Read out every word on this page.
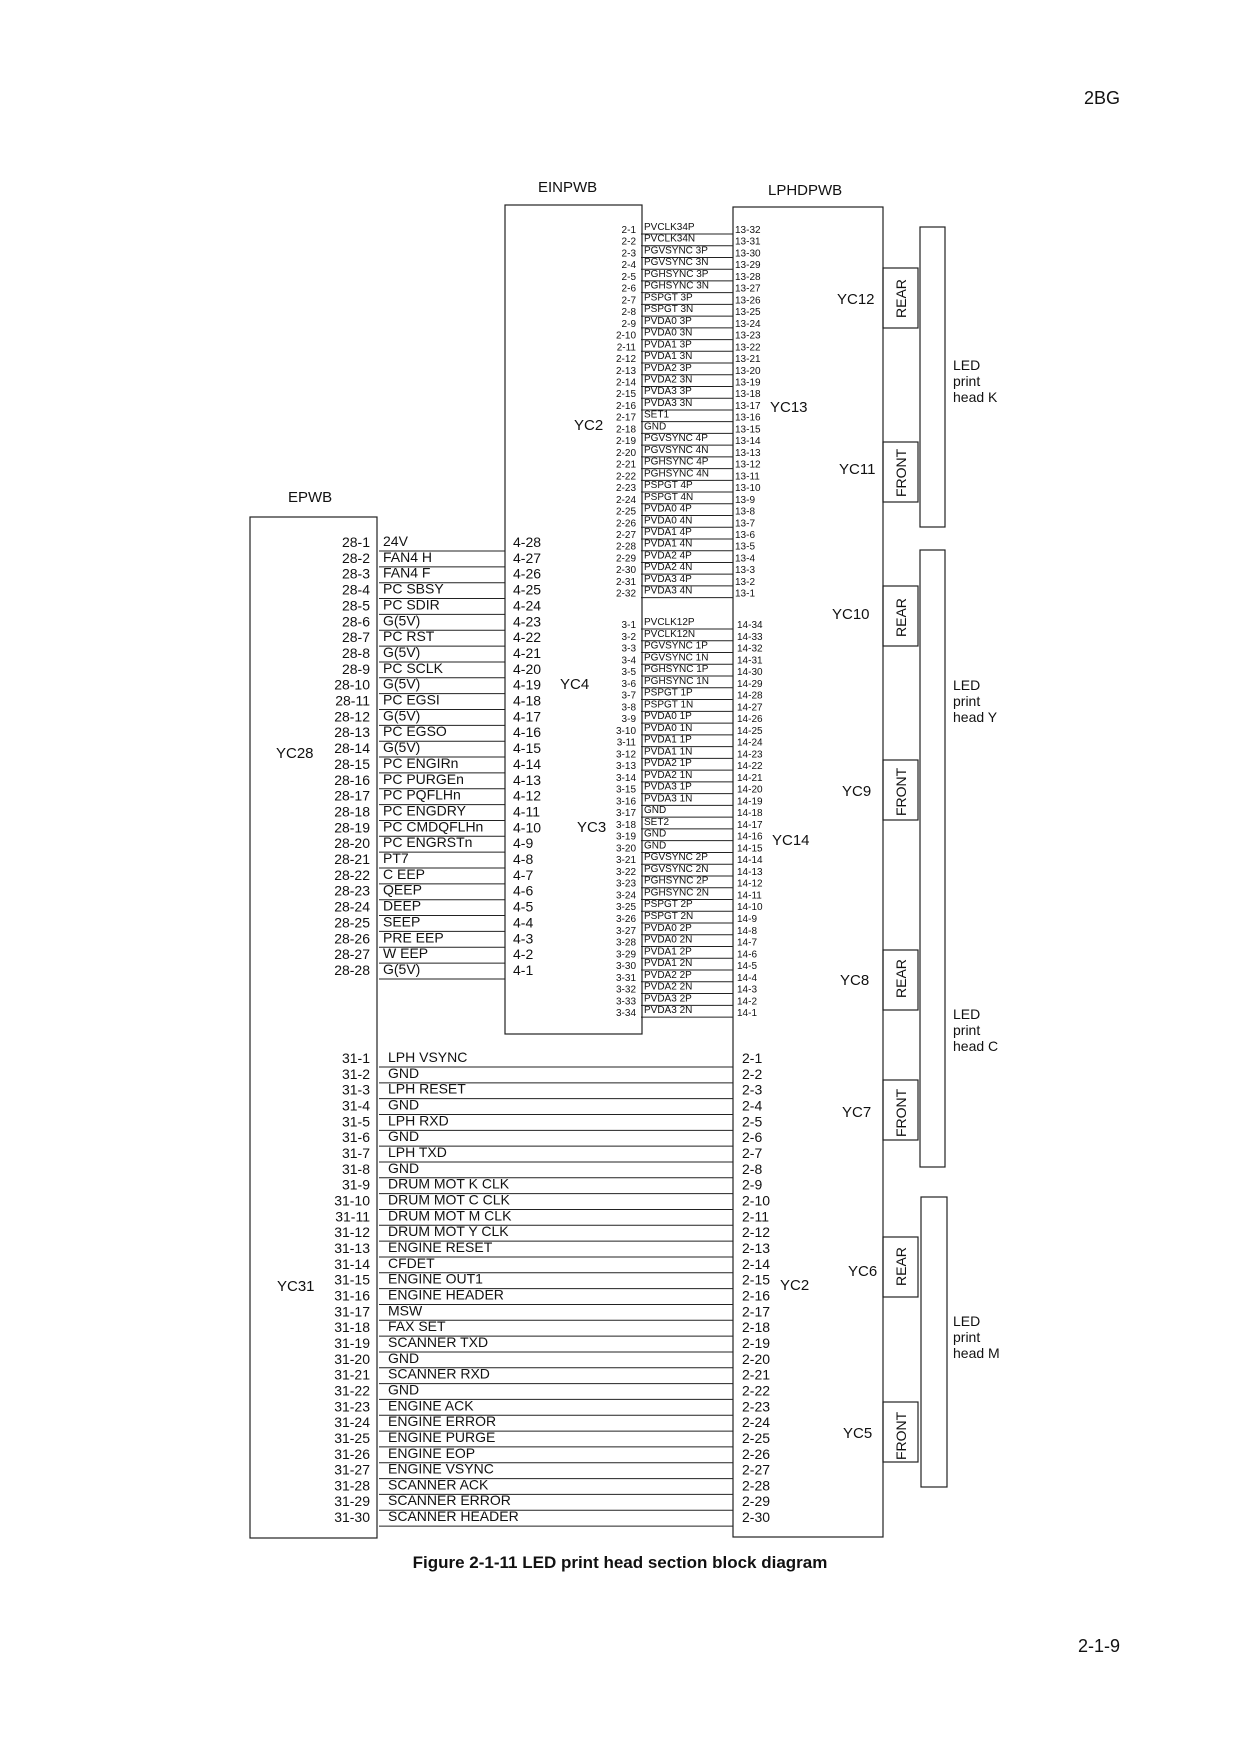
2BG
EPWB
EINPWB	LPHDPWB
YC28
YC31
YC4
YC2
YC3
YC13
YC14
YC2
YC12
YC11
YC10
YC9
YC8
YC7
YC6
YC5
REAR
FRONT
REAR
FRONT
REAR
FRONT
REAR
FRONT
LED
print
head K
LED
print
head Y
LED
print
head C
LED
print
head M
28-1 24V	4-28
28-2 FAN4 H	4-27
28-3 FAN4 F	4-26
28-4 PC SBSY	4-25
28-5 PC SDIR	4-24
28-6 G(5V)	4-23
28-7 PC RST	4-22
28-8 G(5V)	4-21
28-9 PC SCLK	4-20
28-10 G(5V)	4-19
28-11 PC EGSI	4-18
28-12 G(5V)	4-17
28-13 PC EGSO	4-16
28-14 G(5V)	4-15
28-15 PC ENGIRn	4-14
28-16 PC PURGEn	4-13
28-17 PC PQFLHn	4-12
28-18 PC ENGDRY	4-11
28-19 PC CMDQFLHn 4-10
28-20 PC ENGRSTn	4-9
28-21 PT7	4-8
28-22 C EEP	4-7
28-23 QEEP	4-6
28-24 DEEP	4-5
28-25 SEEP	4-4
28-26 PRE EEP	4-3
28-27 W EEP	4-2
28-28 G(5V)	4-1
31-1 LPH VSYNC	2-1
31-2 GND	2-2
31-3 LPH RESET	2-3
31-4 GND	2-4
31-5 LPH RXD	2-5
31-6 GND	2-6
31-7 LPH TXD	2-7
31-8 GND	2-8
31-9 DRUM MOT K CLK	2-9
31-10 DRUM MOT C CLK	2-10
31-11 DRUM MOT M CLK	2-11
31-12 DRUM MOT Y CLK	2-12
31-13 ENGINE RESET	2-13
31-14 CFDET	2-14
31-15 ENGINE OUT1	2-15
31-16 ENGINE HEADER	2-16
31-17 MSW	2-17
31-18 FAX SET	2-18
31-19 SCANNER TXD	2-19
31-20 GND	2-20
31-21 SCANNER RXD	2-21
31-22 GND	2-22
31-23 ENGINE ACK	2-23
31-24 ENGINE ERROR	2-24
31-25 ENGINE PURGE	2-25
31-26 ENGINE EOP	2-26
31-27 ENGINE VSYNC	2-27
31-28 SCANNER ACK	2-28
31-29 SCANNER ERROR	2-29
31-30 SCANNER HEADER	2-30
2-1 PVCLK34P	13-32
2-2 PVCLK34N	13-31
2-3 PGVSYNC 3P	13-30
2-4 PGVSYNC 3N	13-29
2-5 PGHSYNC 3P	13-28
2-6 PGHSYNC 3N	13-27
2-7 PSPGT 3P	13-26
2-8 PSPGT 3N	13-25
2-9 PVDA0 3P	13-24
2-10 PVDA0 3N	13-23
2-11 PVDA1 3P	13-22
2-12 PVDA1 3N	13-21
2-13 PVDA2 3P	13-20
2-14 PVDA2 3N	13-19
2-15 PVDA3 3P	13-18
2-16 PVDA3 3N	13-17
2-17 SET1	13-16
2-18 GND	13-15
2-19 PGVSYNC 4P	13-14
2-20 PGVSYNC 4N	13-13
2-21 PGHSYNC 4P	13-12
2-22 PGHSYNC 4N	13-11
2-23 PSPGT 4P	13-10
2-24 PSPGT 4N	13-9
2-25 PVDA0 4P	13-8
2-26 PVDA0 4N	13-7
2-27 PVDA1 4P	13-6
2-28 PVDA1 4N	13-5
2-29 PVDA2 4P	13-4
2-30 PVDA2 4N	13-3
2-31 PVDA3 4P	13-2
2-32 PVDA3 4N	13-1
3-1 PVCLK12P	14-34
3-2 PVCLK12N	14-33
3-3 PGVSYNC 1P	14-32
3-4 PGVSYNC 1N	14-31
3-5 PGHSYNC 1P	14-30
3-6 PGHSYNC 1N	14-29
3-7 PSPGT 1P	14-28
3-8 PSPGT 1N	14-27
3-9 PVDA0 1P	14-26
3-10 PVDA0 1N	14-25
3-11 PVDA1 1P	14-24
3-12 PVDA1 1N	14-23
3-13 PVDA2 1P	14-22
3-14 PVDA2 1N	14-21
3-15 PVDA3 1P	14-20
3-16 PVDA3 1N	14-19
3-17 GND	14-18
3-18 SET2	14-17
3-19 GND	14-16
3-20 GND	14-15
3-21 PGVSYNC 2P	14-14
3-22 PGVSYNC 2N	14-13
3-23 PGHSYNC 2P	14-12
3-24 PGHSYNC 2N	14-11
3-25 PSPGT 2P	14-10
3-26 PSPGT 2N	14-9
3-27 PVDA0 2P	14-8
3-28 PVDA0 2N	14-7
3-29 PVDA1 2P	14-6
3-30 PVDA1 2N	14-5
3-31 PVDA2 2P	14-4
3-32 PVDA2 2N	14-3
3-33 PVDA3 2P	14-2
3-34 PVDA3 2N	14-1
Figure 2-1-11 LED print head section block diagram
2-1-9
